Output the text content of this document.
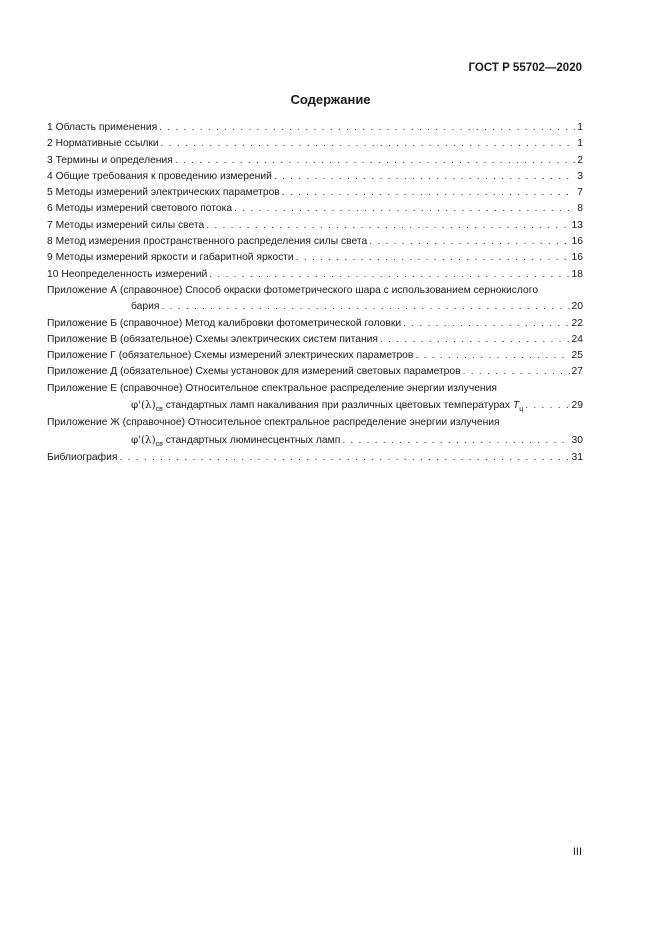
ГОСТ Р 55702—2020
Содержание
1 Область применения . . .	1
2 Нормативные ссылки . . .	1
3 Термины и определения . . .	2
4 Общие требования к проведению измерений . . .	3
5 Методы измерений электрических параметров . . .	7
6 Методы измерений светового потока . . .	8
7 Методы измерений силы света . . .	13
8 Метод измерения пространственного распределения силы света . . .	16
9 Методы измерений яркости и габаритной яркости . . .	16
10 Неопределенность измерений . . .	18
Приложение А (справочное) Способ окраски фотометрического шара с использованием сернокислого
бария . . .	20
Приложение Б (справочное) Метод калибровки фотометрической головки . . .	22
Приложение В (обязательное) Схемы электрических систем питания . . .	24
Приложение Г (обязательное) Схемы измерений электрических параметров . . .	25
Приложение Д (обязательное) Схемы установок для измерений световых параметров . . .	27
Приложение Е (справочное) Относительное спектральное распределение энергии излучения
$\varphi'(\lambda)_{св}$ стандартных ламп накаливания при различных цветовых температурах $T_ц$ . . .	29
Приложение Ж (справочное) Относительное спектральное распределение энергии излучения
$\varphi'(\lambda)_{св}$ стандартных люминесцентных ламп . . .	30
Библиография . . .	31
III
